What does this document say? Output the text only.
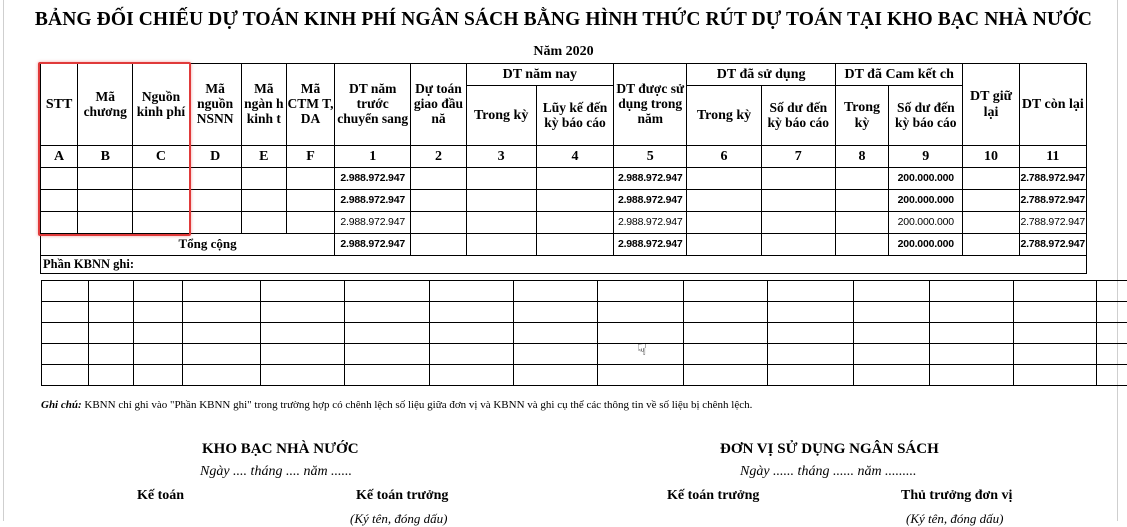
BẢNG ĐỐI CHIẾU DỰ TOÁN KINH PHÍ NGÂN SÁCH BẰNG HÌNH THỨC RÚT DỰ TOÁN TẠI KHO BẠC NHÀ NƯỚC
Năm 2020
STT	Mã chương	Nguồn kinh phí	Mã nguồn NSNN	Mã ngàn h kinh t	Mã CTM T, DA	DT năm trước chuyển sang	Dự toán giao đầu nă	DT năm nay		DT được sử dụng trong năm	DT đã sử dụng		DT đã Cam kết ch		DT giữ lại	DT còn lại
								Trong kỳ	Lũy kế đến kỳ báo cáo		Trong kỳ	Số dư đến kỳ báo cáo	Trong kỳ	Số dư đến kỳ báo cáo		
A	B	C	D	E	F	1	2	3	4	5	6	7	8	9	10	11
						2.988.972.947				2.988.972.947				200.000.000		2.788.972.947
						2.988.972.947				2.988.972.947				200.000.000		2.788.972.947
						2.988.972.947				2.988.972.947				200.000.000		2.788.972.947
Tổng cộng						2.988.972.947				2.988.972.947				200.000.000		2.788.972.947
Phần KBNN ghi:																

Ghi chú: KBNN chỉ ghi vào "Phần KBNN ghi" trong trường hợp có chênh lệch số liệu giữa đơn vị và KBNN và ghi cụ thể các thông tin về số liệu bị chênh lệch.
KHO BẠC NHÀ NƯỚC
Ngày .... tháng .... năm ......
Kế toán	Kế toán trưởng
(Ký tên, đóng dấu)
ĐƠN VỊ SỬ DỤNG NGÂN SÁCH
Ngày ...... tháng ...... năm .........
Kế toán trưởng	Thủ trưởng đơn vị
(Ký tên, đóng dấu)
☟
